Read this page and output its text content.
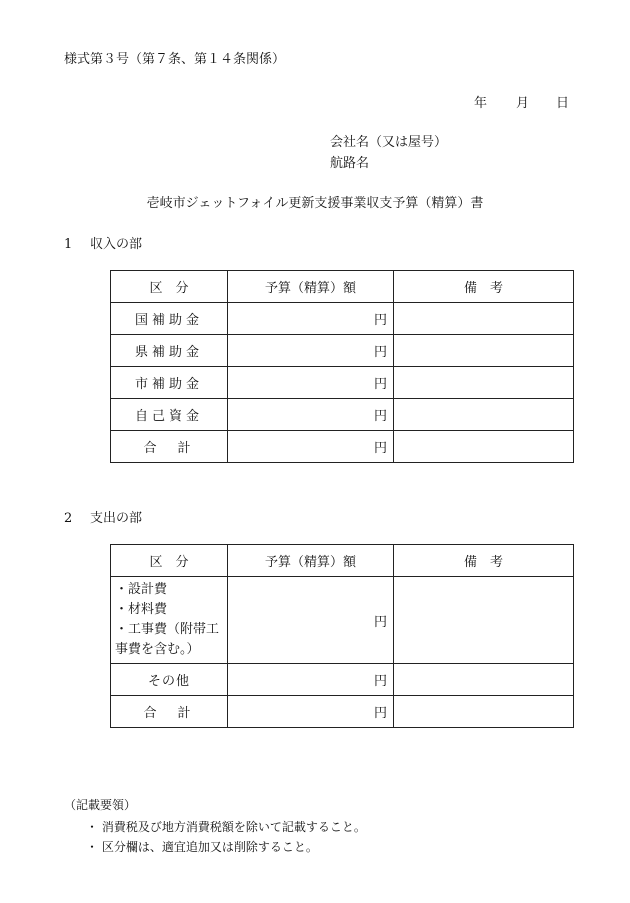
様式第３号（第７条、第１４条関係）
年 月 日
会社名（又は屋号）
航路名
壱岐市ジェットフォイル更新支援事業収支予算（精算）書
1 収入の部
区　分	予算（精算）額	備　考
国補助金	円	
県補助金	円	
市補助金	円	
自己資金	円	
合　計	円	
2 支出の部
区　分	予算（精算）額	備　考

・設計費
・材料費
・工事費（附帯工
事費を含む。）	円	
その他	円	
合　計	円	
（記載要領）
・ 消費税及び地方消費税額を除いて記載すること。
・ 区分欄は、適宜追加又は削除すること。
